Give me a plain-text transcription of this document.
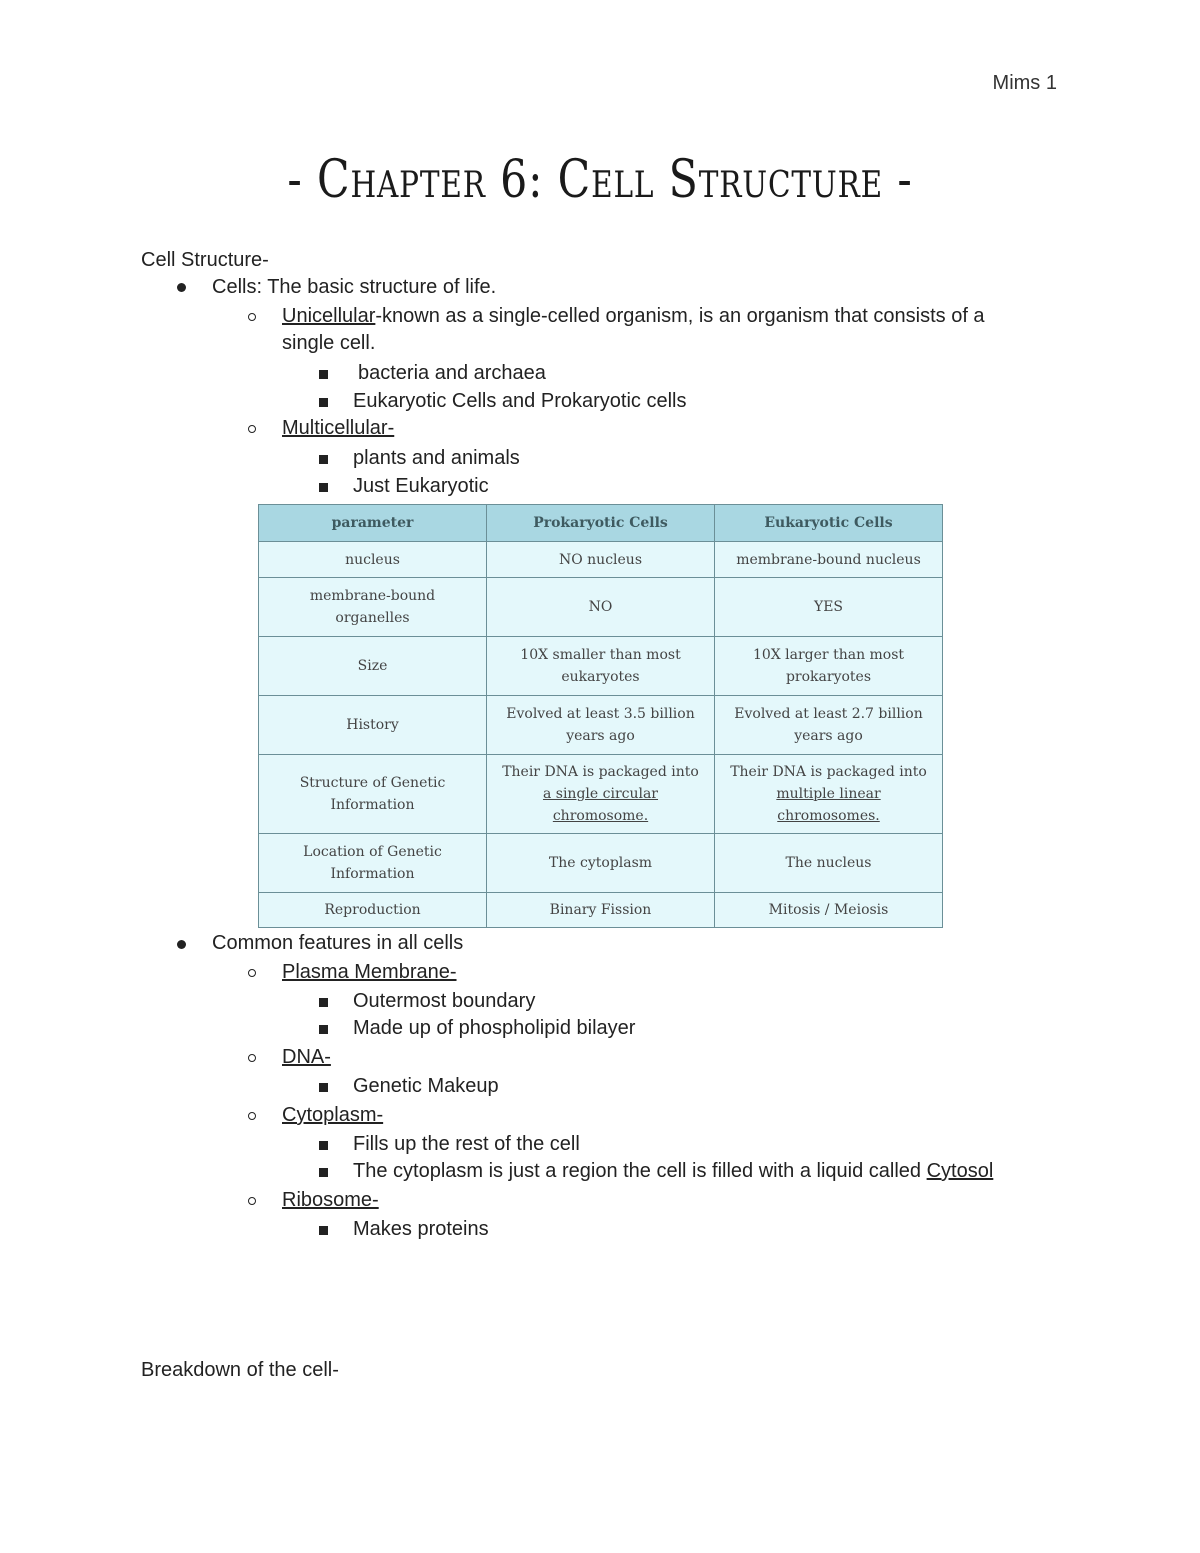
Mims 1
- Chapter 6: Cell Structure -
Cell Structure-
Cells: The basic structure of life.
Unicellular-known as a single-celled organism, is an organism that consists of a
single cell.
bacteria and archaea
Eukaryotic Cells and Prokaryotic cells
Multicellular-
plants and animals
Just Eukaryotic
parameter	Prokaryotic Cells	Eukaryotic Cells
nucleus	NO nucleus	membrane-bound nucleus
membrane-bound organelles	NO	YES
Size	10X smaller than most eukaryotes	10X larger than most prokaryotes
History	Evolved at least 3.5 billion years ago	Evolved at least 2.7 billion years ago
Structure of Genetic Information	Their DNA is packaged into a single circular chromosome.	Their DNA is packaged into multiple linear chromosomes.
Location of Genetic Information	The cytoplasm	The nucleus
Reproduction	Binary Fission	Mitosis / Meiosis
Common features in all cells
Plasma Membrane-
Outermost boundary
Made up of phospholipid bilayer
DNA-
Genetic Makeup
Cytoplasm-
Fills up the rest of the cell
The cytoplasm is just a region the cell is filled with a liquid called Cytosol
Ribosome-
Makes proteins
Breakdown of the cell-
